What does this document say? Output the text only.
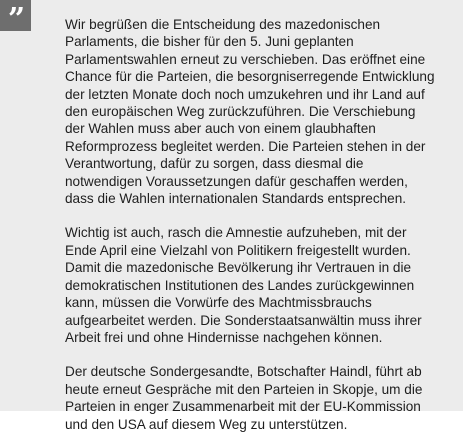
”	Wir begrüßen die Entscheidung des mazedonischen
Parlaments, die bisher für den 5. Juni geplanten
Parlamentswahlen erneut zu verschieben. Das eröffnet eine
Chance für die Parteien, die besorgniserregende Entwicklung
der letzten Monate doch noch umzukehren und ihr Land auf
den europäischen Weg zurückzuführen. Die Verschiebung
der Wahlen muss aber auch von einem glaubhaften
Reformprozess begleitet werden. Die Parteien stehen in der
Verantwortung, dafür zu sorgen, dass diesmal die
notwendigen Voraussetzungen dafür geschaffen werden,
dass die Wahlen internationalen Standards entsprechen.

Wichtig ist auch, rasch die Amnestie aufzuheben, mit der
Ende April eine Vielzahl von Politikern freigestellt wurden.
Damit die mazedonische Bevölkerung ihr Vertrauen in die
demokratischen Institutionen des Landes zurückgewinnen
kann, müssen die Vorwürfe des Machtmissbrauchs
aufgearbeitet werden. Die Sonderstaatsanwältin muss ihrer
Arbeit frei und ohne Hindernisse nachgehen können.

Der deutsche Sondergesandte, Botschafter Haindl, führt ab
heute erneut Gespräche mit den Parteien in Skopje, um die
Parteien in enger Zusammenarbeit mit der EU-Kommission
und den USA auf diesem Weg zu unterstützen.
